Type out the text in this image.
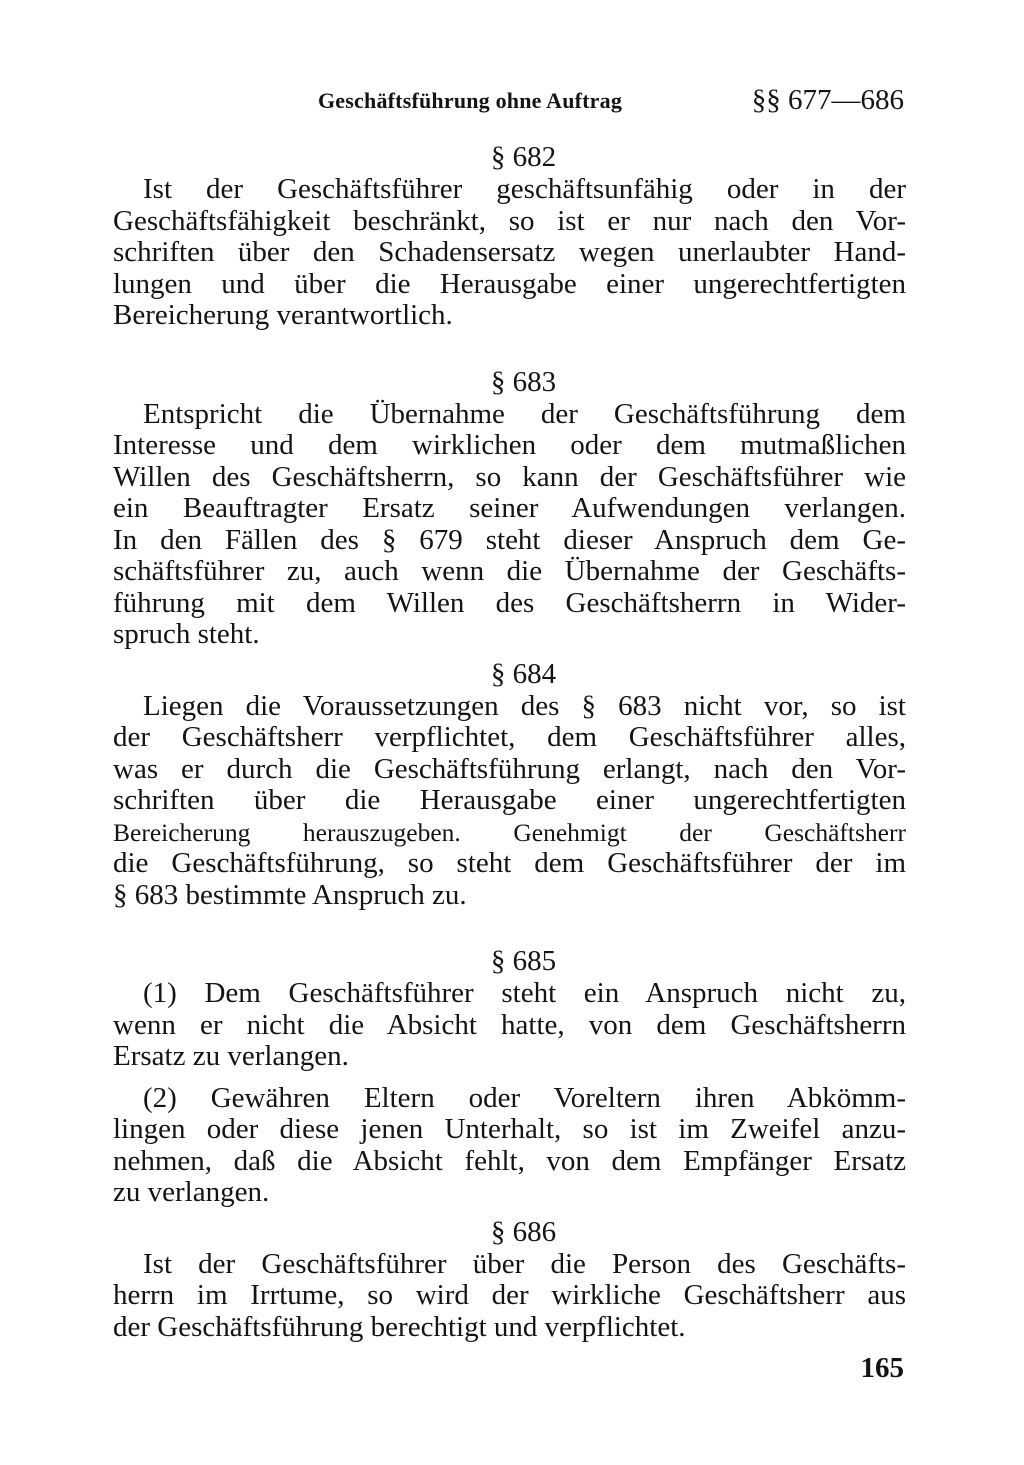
Geschäftsführung ohne Auftrag	§§ 677—686

§ 682

Ist der Geschäftsführer geschäftsunfähig oder in der

Geschäftsfähigkeit beschränkt, so ist er nur nach den Vor-

schriften über den Schadensersatz wegen unerlaubter Hand-

lungen und über die Herausgabe einer ungerechtfertigten

Bereicherung verantwortlich.

§ 683

Entspricht die Übernahme der Geschäftsführung dem

Interesse und dem wirklichen oder dem mutmaßlichen

Willen des Geschäftsherrn, so kann der Geschäftsführer wie

ein Beauftragter Ersatz seiner Aufwendungen verlangen.

In den Fällen des § 679 steht dieser Anspruch dem Ge-

schäftsführer zu, auch wenn die Übernahme der Geschäfts-

führung mit dem Willen des Geschäftsherrn in Wider-

spruch steht.

§ 684

Liegen die Voraussetzungen des § 683 nicht vor, so ist

der Geschäftsherr verpflichtet, dem Geschäftsführer alles,

was er durch die Geschäftsführung erlangt, nach den Vor-

schriften über die Herausgabe einer ungerechtfertigten

Bereicherung herauszugeben. Genehmigt der Geschäftsherr

die Geschäftsführung, so steht dem Geschäftsführer der im

§ 683 bestimmte Anspruch zu.

§ 685

(1) Dem Geschäftsführer steht ein Anspruch nicht zu,

wenn er nicht die Absicht hatte, von dem Geschäftsherrn

Ersatz zu verlangen.

(2) Gewähren Eltern oder Voreltern ihren Abkömm-

lingen oder diese jenen Unterhalt, so ist im Zweifel anzu-

nehmen, daß die Absicht fehlt, von dem Empfänger Ersatz

zu verlangen.

§ 686

Ist der Geschäftsführer über die Person des Geschäfts-

herrn im Irrtume, so wird der wirkliche Geschäftsherr aus

der Geschäftsführung berechtigt und verpflichtet.

165
